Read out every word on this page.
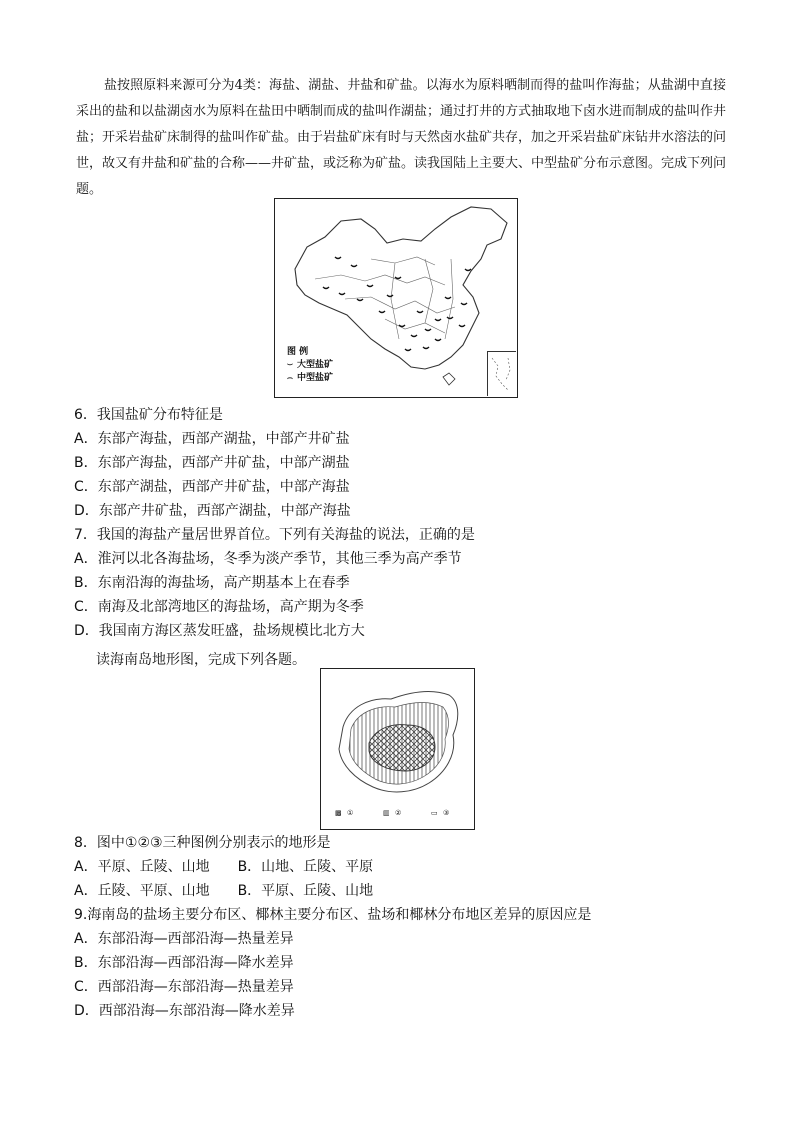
盐按照原料来源可分为4类：海盐、湖盐、井盐和矿盐。以海水为原料晒制而得的盐叫作海盐；从盐湖中直接采出的盐和以盐湖卤水为原料在盐田中晒制而成的盐叫作湖盐；通过打井的方式抽取地下卤水进而制成的盐叫作井盐；开采岩盐矿床制得的盐叫作矿盐。由于岩盐矿床有时与天然卤水盐矿共存，加之开采岩盐矿床钻井水溶法的问世，故又有井盐和矿盐的合称——井矿盐，或泛称为矿盐。读我国陆上主要大、中型盐矿分布示意图。完成下列问题。
图 例
⌣ 大型盐矿
⌢ 中型盐矿
6．我国盐矿分布特征是
A．东部产海盐，西部产湖盐，中部产井矿盐
B．东部产海盐，西部产井矿盐，中部产湖盐
C．东部产湖盐，西部产井矿盐，中部产海盐
D．东部产井矿盐，西部产湖盐，中部产海盐
7．我国的海盐产量居世界首位。下列有关海盐的说法，正确的是
A．淮河以北各海盐场，冬季为淡产季节，其他三季为高产季节
B．东南沿海的海盐场，高产期基本上在春季
C．南海及北部湾地区的海盐场，高产期为冬季
D．我国南方海区蒸发旺盛，盐场规模比北方大
读海南岛地形图，完成下列各题。
▩ ①	▥ ②	▭ ③
8．图中①②③三种图例分别表示的地形是
A．平原、丘陵、山地　　B．山地、丘陵、平原
A．丘陵、平原、山地　　B．平原、丘陵、山地
9.海南岛的盐场主要分布区、椰林主要分布区、盐场和椰林分布地区差异的原因应是
A．东部沿海—西部沿海—热量差异
B．东部沿海—西部沿海—降水差异
C．西部沿海—东部沿海—热量差异
D．西部沿海—东部沿海—降水差异
